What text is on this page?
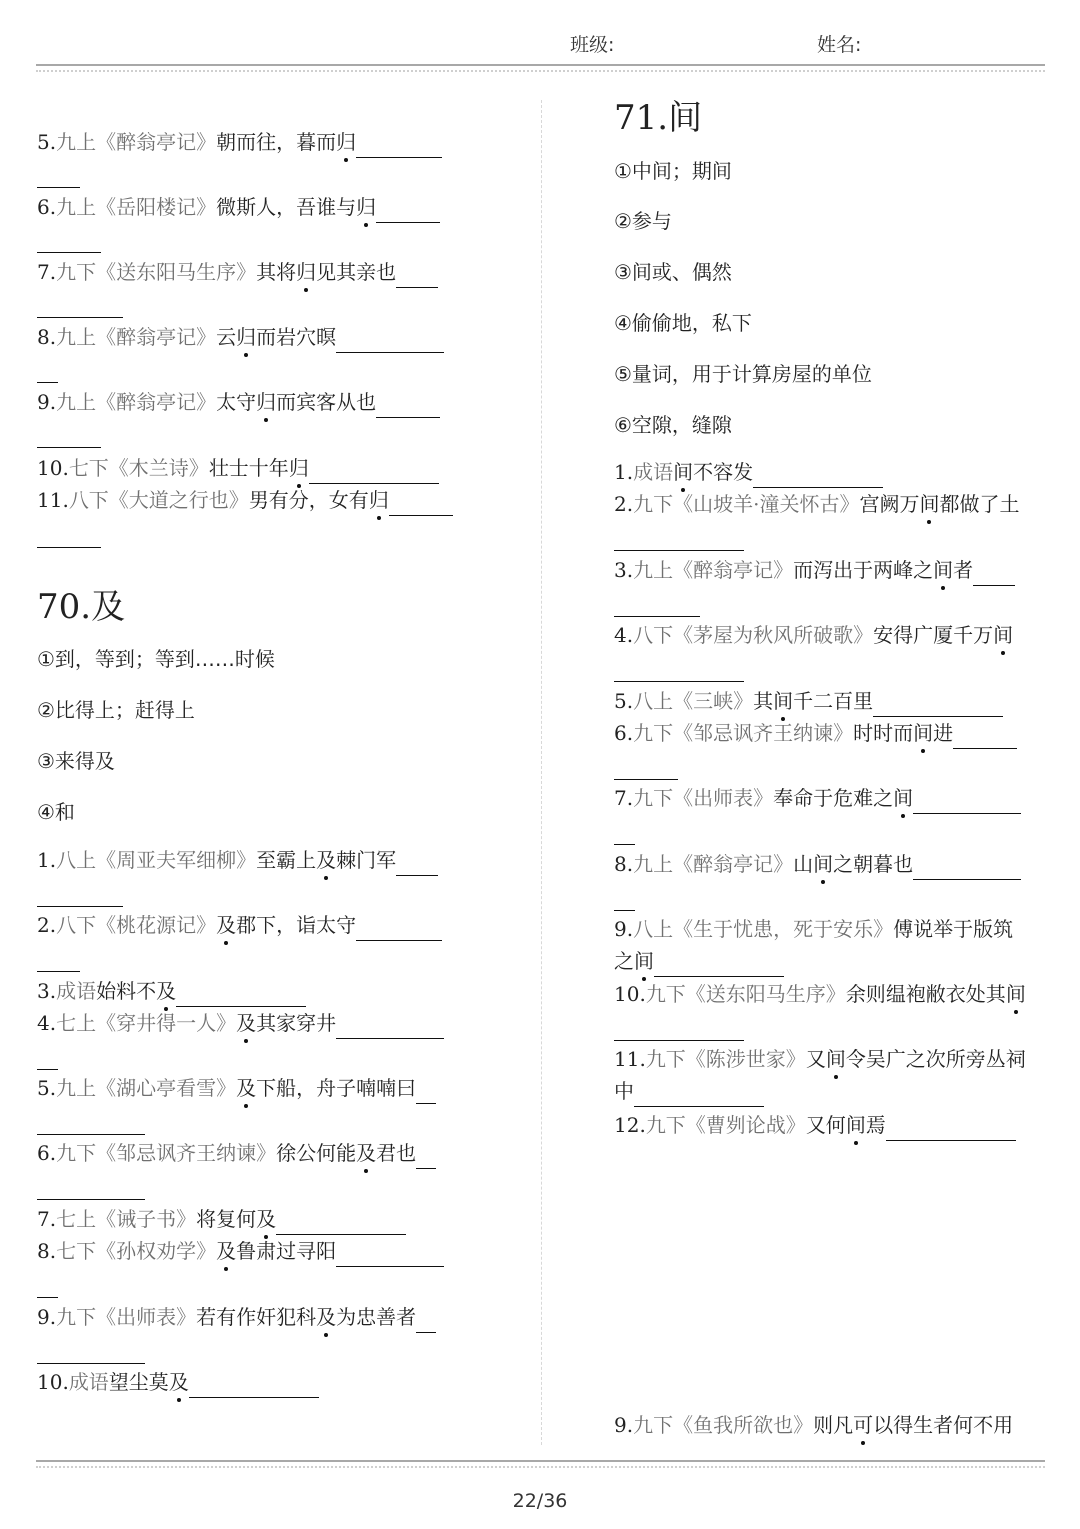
班级:	姓名:
5.九上《醉翁亭记》朝而往，暮而归
6.九上《岳阳楼记》微斯人，吾谁与归
7.九下《送东阳马生序》其将归见其亲也
8.九上《醉翁亭记》云归而岩穴暝
9.九上《醉翁亭记》太守归而宾客从也
10.七下《木兰诗》壮士十年归
11.八下《大道之行也》男有分，女有归
70.及
①到，等到；等到……时候
②比得上；赶得上
③来得及
④和
1.八上《周亚夫军细柳》至霸上及棘门军
2.八下《桃花源记》及郡下，诣太守
3.成语始料不及
4.七上《穿井得一人》及其家穿井
5.九上《湖心亭看雪》及下船，舟子喃喃曰
6.九下《邹忌讽齐王纳谏》徐公何能及君也
7.七上《诫子书》将复何及
8.七下《孙权劝学》及鲁肃过寻阳
9.九下《出师表》若有作奸犯科及为忠善者
10.成语望尘莫及
71.间
①中间；期间
②参与
③间或、偶然
④偷偷地，私下
⑤量词，用于计算房屋的单位
⑥空隙，缝隙
1.成语间不容发
2.九下《山坡羊·潼关怀古》宫阙万间都做了土
3.九上《醉翁亭记》而泻出于两峰之间者
4.八下《茅屋为秋风所破歌》安得广厦千万间
5.八上《三峡》其间千二百里
6.九下《邹忌讽齐王纳谏》时时而间进
7.九下《出师表》奉命于危难之间
8.九上《醉翁亭记》山间之朝暮也
9.八上《生于忧患，死于安乐》傅说举于版筑
之间
10.九下《送东阳马生序》余则缊袍敝衣处其间
11.九下《陈涉世家》又间令吴广之次所旁丛祠
中
12.九下《曹刿论战》又何间焉
9.九下《鱼我所欲也》则凡可以得生者何不用
22/36
